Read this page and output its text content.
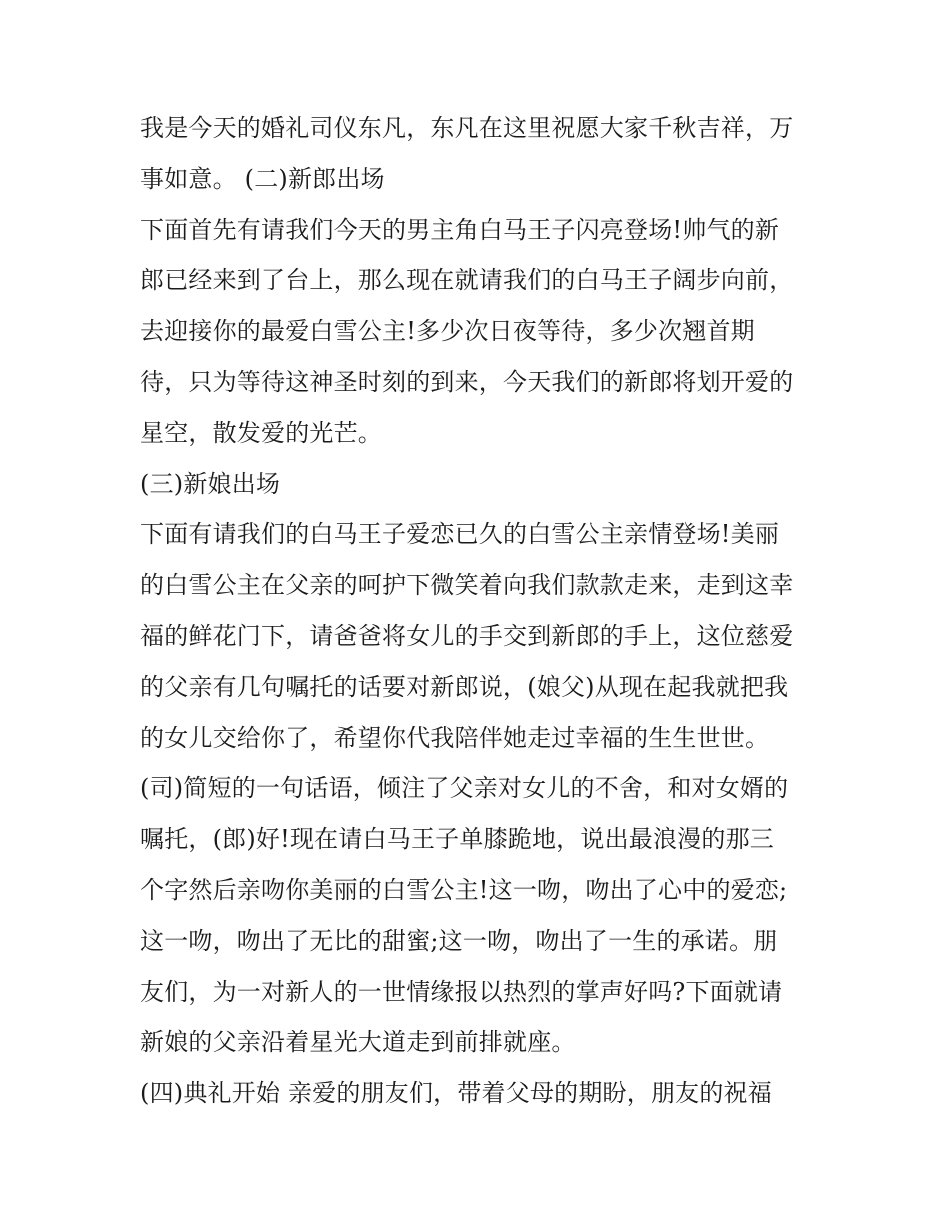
我是今天的婚礼司仪东凡，东凡在这里祝愿大家千秋吉祥，万
事如意。 (二)新郎出场
下面首先有请我们今天的男主角白马王子闪亮登场!帅气的新
郎已经来到了台上，那么现在就请我们的白马王子阔步向前，
去迎接你的最爱白雪公主!多少次日夜等待，多少次翘首期
待，只为等待这神圣时刻的到来，今天我们的新郎将划开爱的
星空，散发爱的光芒。
(三)新娘出场
下面有请我们的白马王子爱恋已久的白雪公主亲情登场!美丽
的白雪公主在父亲的呵护下微笑着向我们款款走来，走到这幸
福的鲜花门下，请爸爸将女儿的手交到新郎的手上，这位慈爱
的父亲有几句嘱托的话要对新郎说，(娘父)从现在起我就把我
的女儿交给你了，希望你代我陪伴她走过幸福的生生世世。
(司)简短的一句话语，倾注了父亲对女儿的不舍，和对女婿的
嘱托，(郎)好!现在请白马王子单膝跪地，说出最浪漫的那三
个字然后亲吻你美丽的白雪公主!这一吻，吻出了心中的爱恋;
这一吻，吻出了无比的甜蜜;这一吻，吻出了一生的承诺。朋
友们，为一对新人的一世情缘报以热烈的掌声好吗?下面就请
新娘的父亲沿着星光大道走到前排就座。
(四)典礼开始 亲爱的朋友们，带着父母的期盼，朋友的祝福
